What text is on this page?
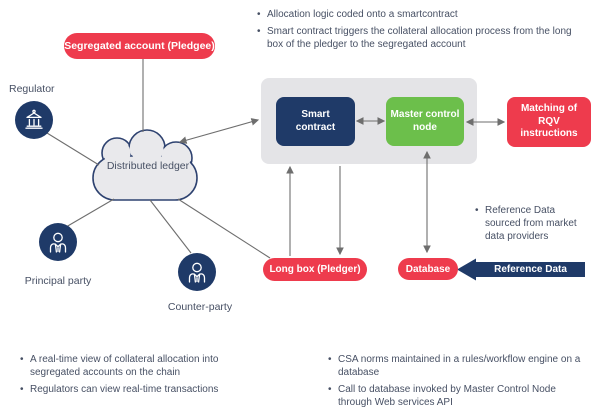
• Allocation logic coded onto a smartcontract
• Smart contract triggers the collateral allocation process from the long box of the pledger to the segregated account
Segregated account (Pledgee)
Regulator
Distributed ledger
Principal party
Counter-party
Smart contract
Master control node
Matching of RQV instructions
Long box (Pledger)	Database	Reference Data
• Reference Data sourced from market data providers
• A real-time view of collateral allocation into segregated accounts on the chain
• Regulators can view real-time transactions
• CSA norms maintained in a rules/workflow engine on a database
• Call to database invoked by Master Control Node through Web services API
